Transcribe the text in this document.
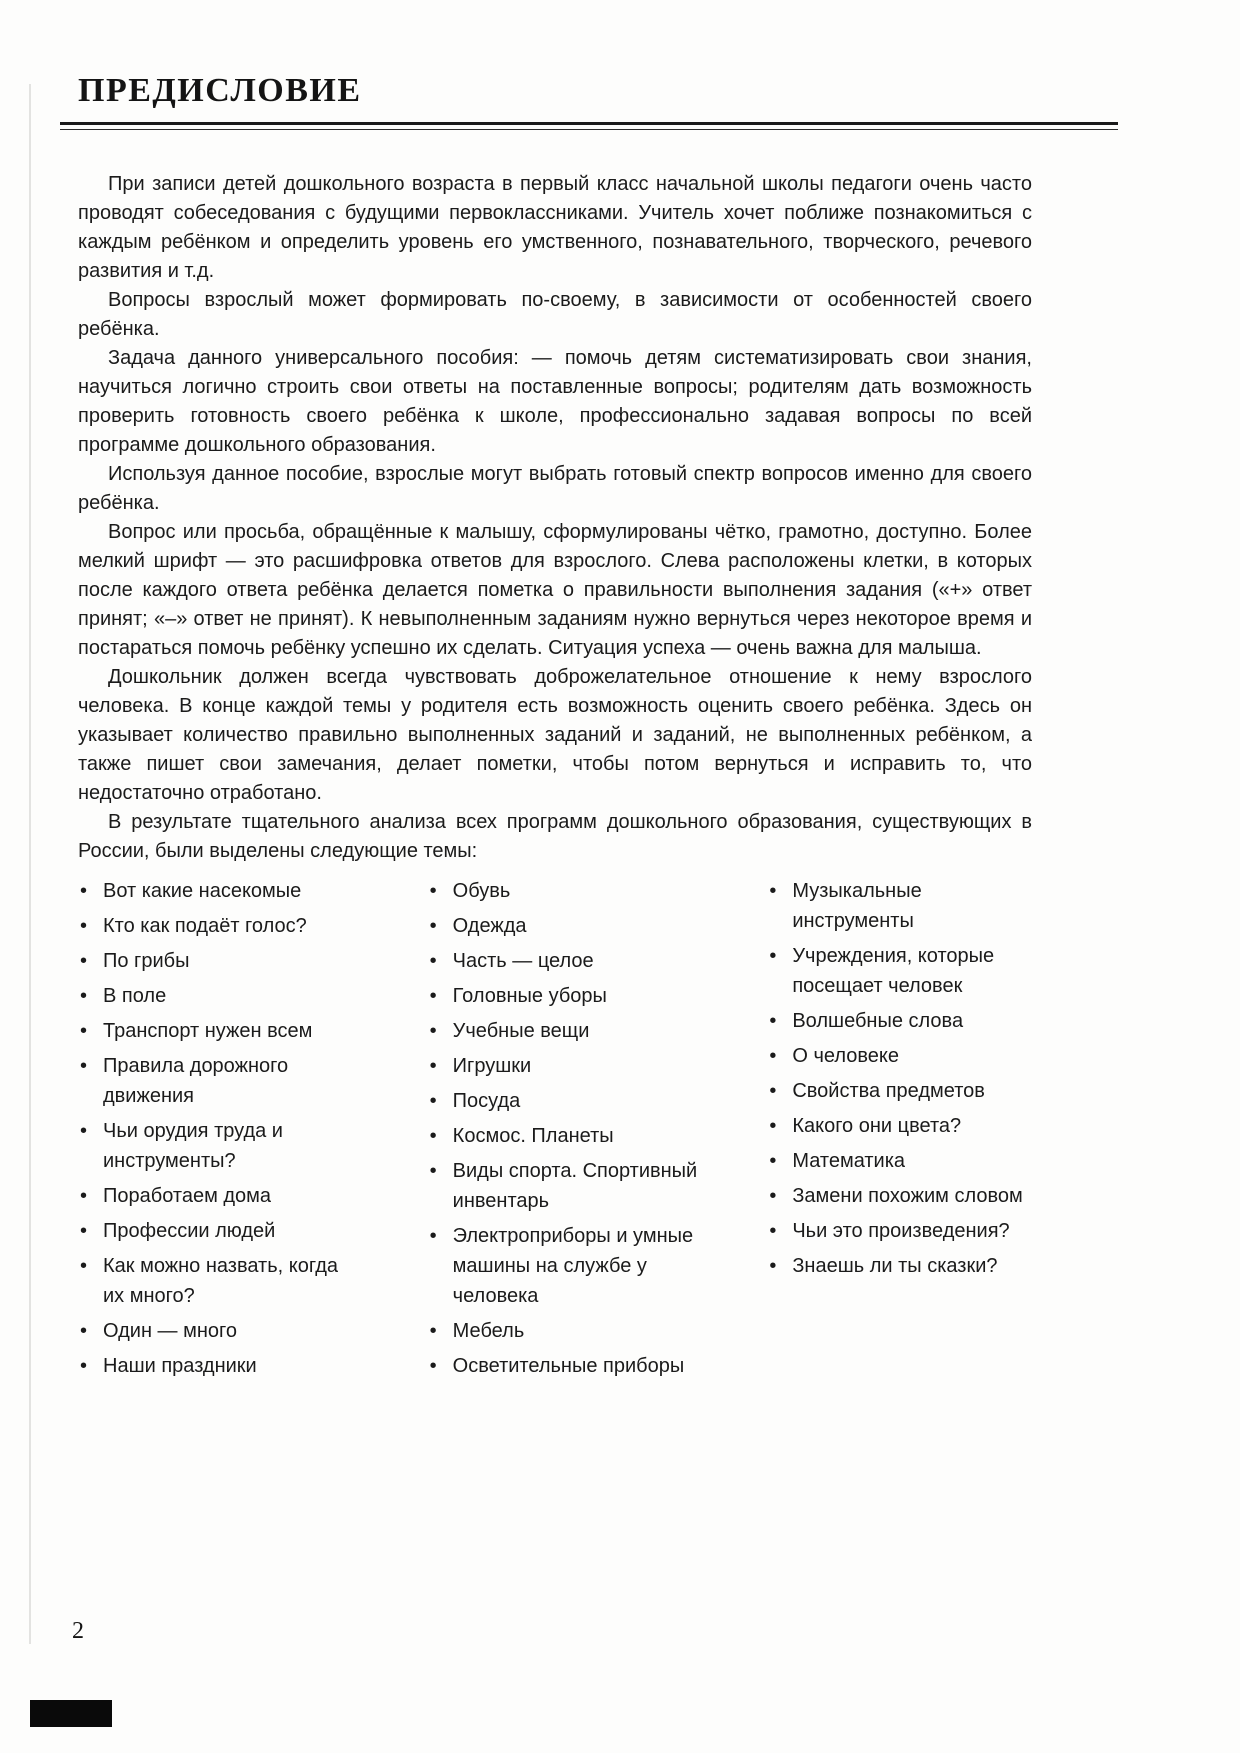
ПРЕДИСЛОВИЕ

При записи детей дошкольного возраста в первый класс начальной школы педагоги очень часто проводят собеседования с будущими первоклассниками. Учитель хочет поближе познакомиться с каждым ребёнком и определить уровень его умственного, познавательного, творческого, речевого развития и т.д.

Вопросы взрослый может формировать по-своему, в зависимости от особенностей своего ребёнка.

Задача данного универсального пособия: — помочь детям систематизировать свои знания, научиться логично строить свои ответы на поставленные вопросы; родителям дать возможность проверить готовность своего ребёнка к школе, профессионально задавая вопросы по всей программе дошкольного образования.

Используя данное пособие, взрослые могут выбрать готовый спектр вопросов именно для своего ребёнка.

Вопрос или просьба, обращённые к малышу, сформулированы чётко, грамотно, доступно. Более мелкий шрифт — это расшифровка ответов для взрослого. Слева расположены клетки, в которых после каждого ответа ребёнка делается пометка о правильности выполнения задания («+» ответ принят; «–» ответ не принят). К невыполненным заданиям нужно вернуться через некоторое время и постараться помочь ребёнку успешно их сделать. Ситуация успеха — очень важна для малыша.

Дошкольник должен всегда чувствовать доброжелательное отношение к нему взрослого человека. В конце каждой темы у родителя есть возможность оценить своего ребёнка. Здесь он указывает количество правильно выполненных заданий и заданий, не выполненных ребёнком, а также пишет свои замечания, делает пометки, чтобы потом вернуться и исправить то, что недостаточно отработано.

В результате тщательного анализа всех программ дошкольного образования, существующих в России, были выделены следующие темы:

• Вот какие насекомые
• Кто как подаёт голос?
• По грибы
• В поле
• Транспорт нужен всем
• Правила дорожного движения
• Чьи орудия труда и инструменты?
• Поработаем дома
• Профессии людей
• Как можно назвать, когда их много?
• Один — много
• Наши праздники
• Обувь
• Одежда
• Часть — целое
• Головные уборы
• Учебные вещи
• Игрушки
• Посуда
• Космос. Планеты
• Виды спорта. Спортивный инвентарь
• Электроприборы и умные машины на службе у человека
• Мебель
• Осветительные приборы
• Музыкальные инструменты
• Учреждения, которые посещает человек
• Волшебные слова
• О человеке
• Свойства предметов
• Какого они цвета?
• Математика
• Замени похожим словом
• Чьи это произведения?
• Знаешь ли ты сказки?
2
